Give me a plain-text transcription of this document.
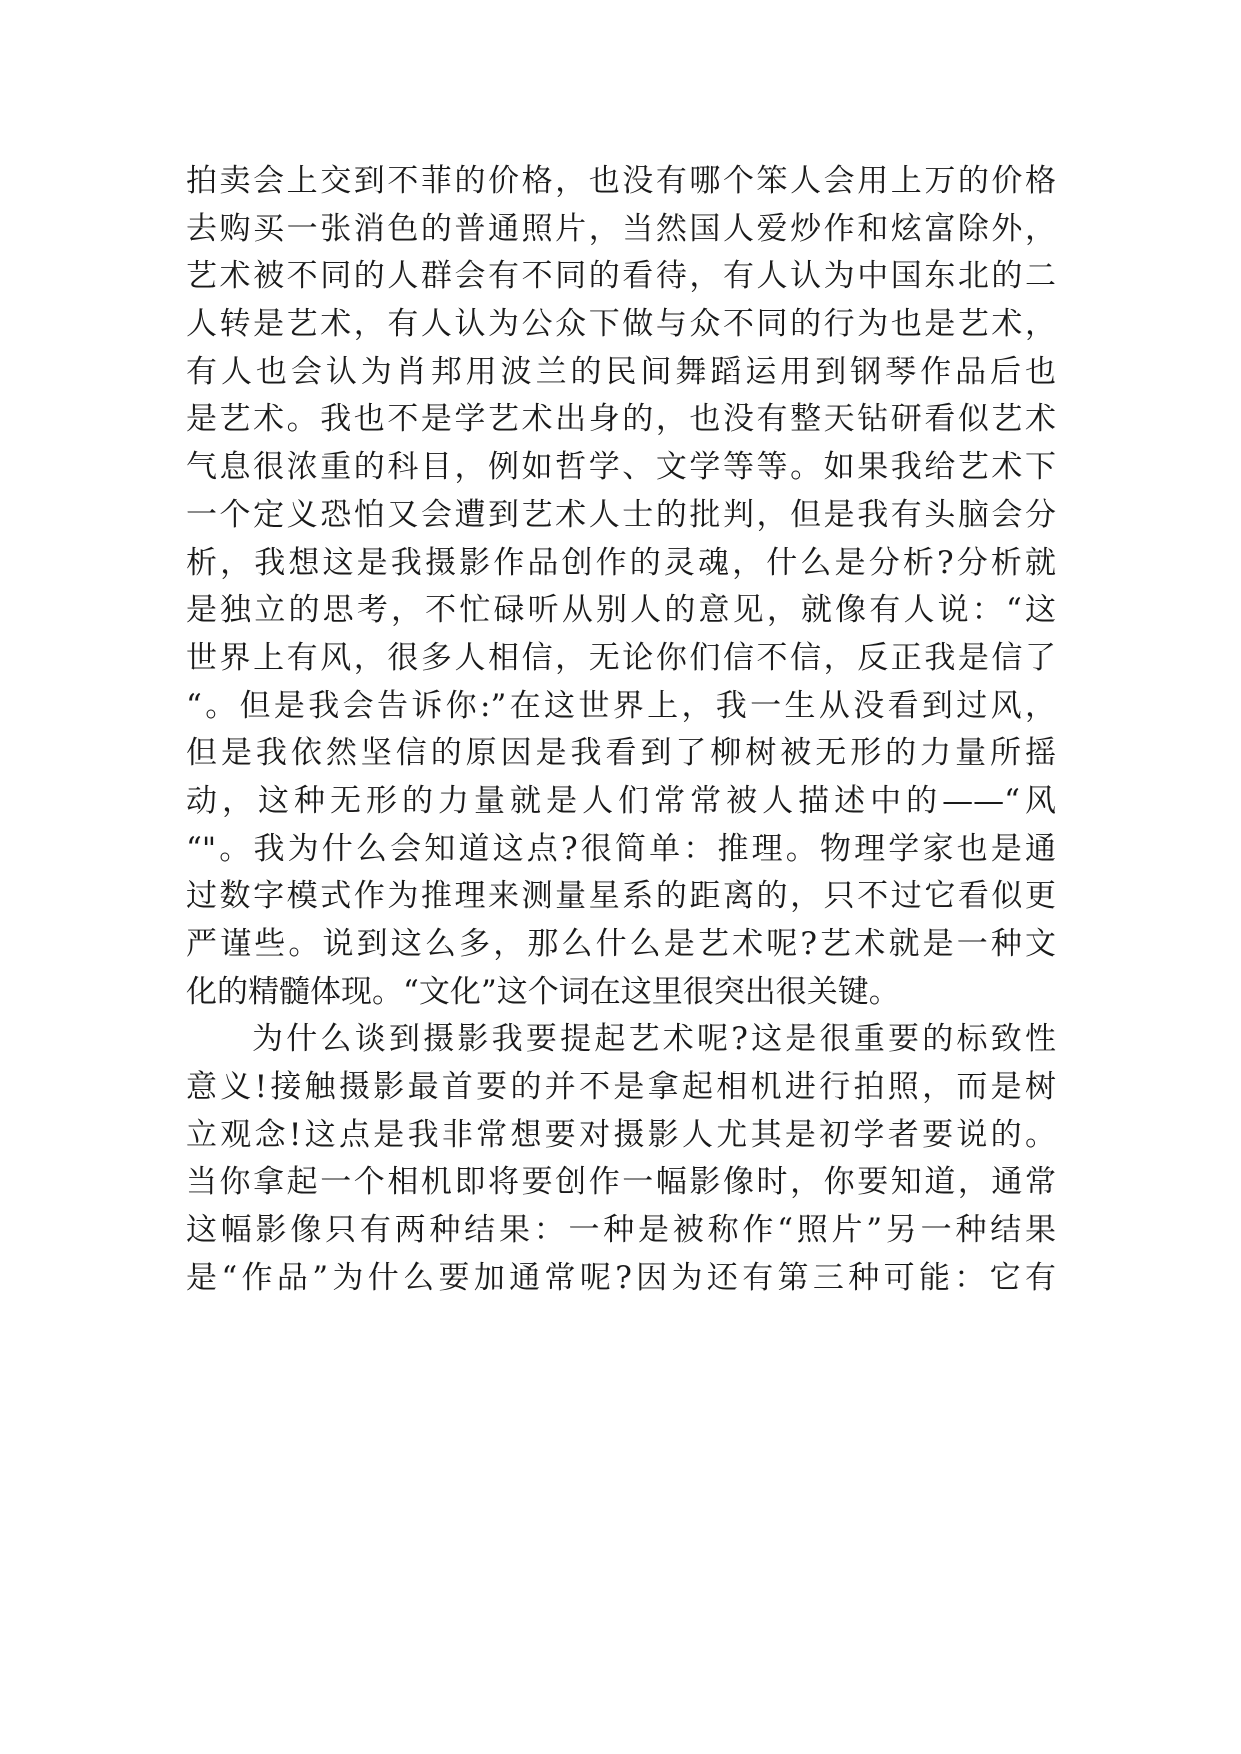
拍卖会上交到不菲的价格，也没有哪个笨人会用上万的价格
去购买一张消色的普通照片，当然国人爱炒作和炫富除外，
艺术被不同的人群会有不同的看待，有人认为中国东北的二
人转是艺术，有人认为公众下做与众不同的行为也是艺术，
有人也会认为肖邦用波兰的民间舞蹈运用到钢琴作品后也
是艺术。我也不是学艺术出身的，也没有整天钻研看似艺术
气息很浓重的科目，例如哲学、文学等等。如果我给艺术下
一个定义恐怕又会遭到艺术人士的批判，但是我有头脑会分
析，我想这是我摄影作品创作的灵魂，什么是分析?分析就
是独立的思考，不忙碌听从别人的意见，就像有人说：“这
世界上有风，很多人相信，无论你们信不信，反正我是信了
“。但是我会告诉你:”在这世界上，我一生从没看到过风，
但是我依然坚信的原因是我看到了柳树被无形的力量所摇
动，这种无形的力量就是人们常常被人描述中的——“风
“"。我为什么会知道这点?很简单：推理。物理学家也是通
过数字模式作为推理来测量星系的距离的，只不过它看似更
严谨些。说到这么多，那么什么是艺术呢?艺术就是一种文
化的精髓体现。“文化”这个词在这里很突出很关键。
为什么谈到摄影我要提起艺术呢?这是很重要的标致性
意义!接触摄影最首要的并不是拿起相机进行拍照，而是树
立观念!这点是我非常想要对摄影人尤其是初学者要说的。
当你拿起一个相机即将要创作一幅影像时，你要知道，通常
这幅影像只有两种结果：一种是被称作“照片”另一种结果
是“作品”为什么要加通常呢?因为还有第三种可能：它有
